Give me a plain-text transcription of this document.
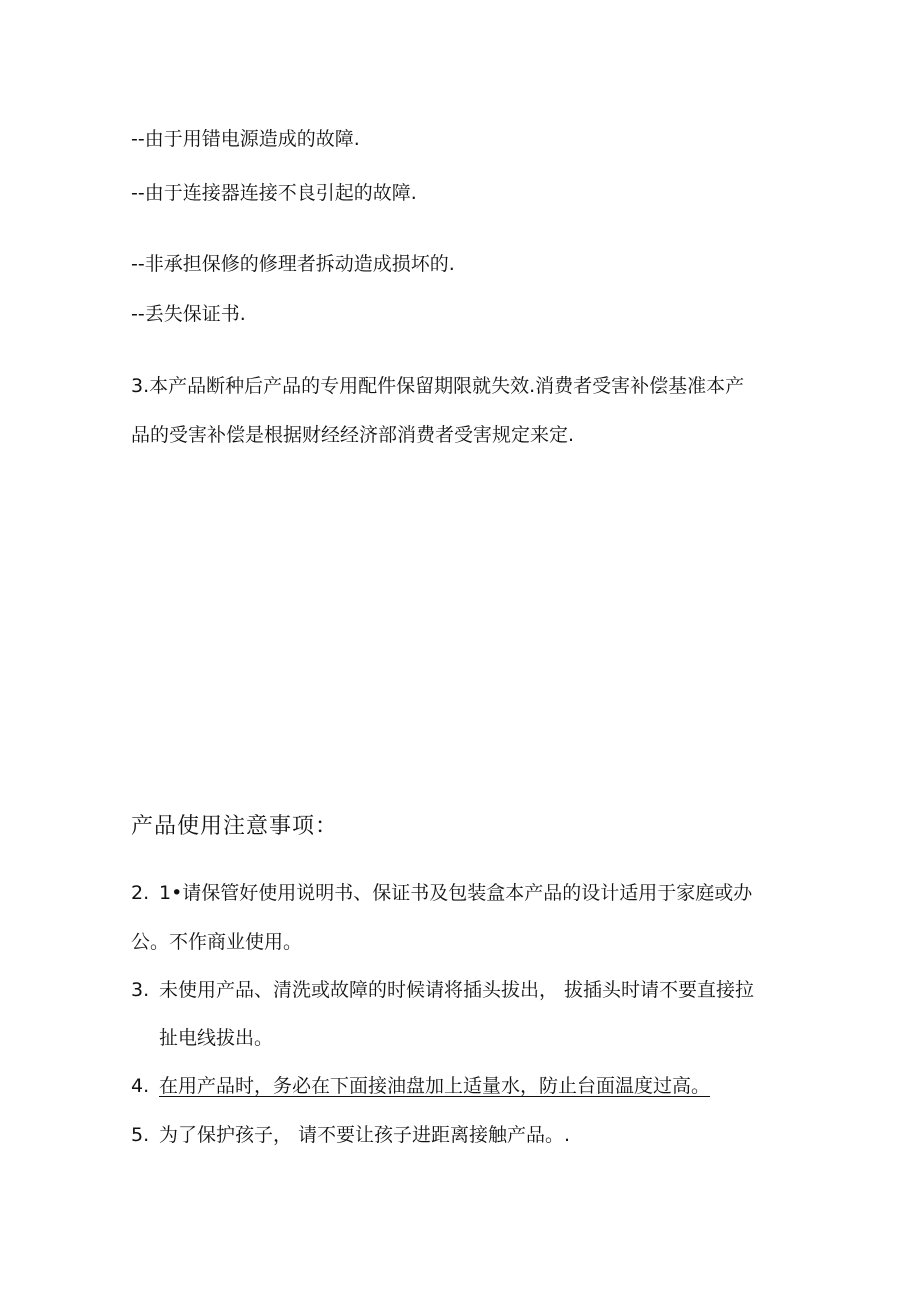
--由于用错电源造成的故障.
--由于连接器连接不良引起的故障.
--非承担保修的修理者拆动造成损坏的.
--丢失保证书.
3.本产品断种后产品的专用配件保留期限就失效.消费者受害补偿基准本产
品的受害补偿是根据财经经济部消费者受害规定来定.
产品使用注意事项：
2. 1•请保管好使用说明书、保证书及包装盒本产品的设计适用于家庭或办
公。不作商业使用。
3. 未使用产品、清洗或故障的时候请将插头拔出， 拔插头时请不要直接拉
扯电线拔出。
4. 在用产品时，务必在下面接油盘加上适量水，防止台面温度过高。
5. 为了保护孩子， 请不要让孩子进距离接触产品。.
